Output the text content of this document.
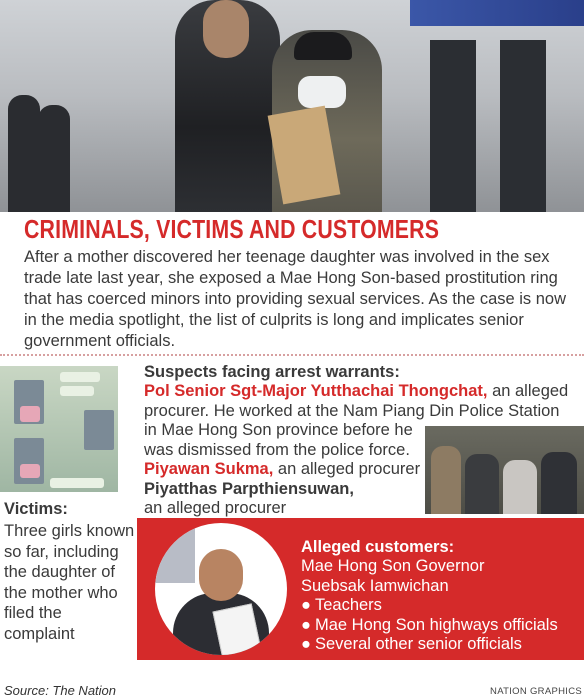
CRIMINALS, VICTIMS AND CUSTOMERS

After a mother discovered her teenage daughter was involved in the sex trade late last year, she exposed a Mae Hong Son-based prostitution ring that has coerced minors into providing sexual services. As the case is now in the media spotlight, the list of culprits is long and implicates senior government officials.

Victims:

Three girls known so far, including the daughter of the mother who filed the complaint

Suspects facing arrest warrants:

Pol Senior Sgt-Major Yutthachai Thongchat, an alleged procurer. He worked at the Nam Piang Din Police Station

in Mae Hong Son province before he

was dismissed from the police force.

Piyawan Sukma, an alleged procurer

Piyatthas Parpthiensuwan,

an alleged procurer

Alleged customers:

Mae Hong Son Governor

Suebsak Iamwichan

● Teachers
● Mae Hong Son highways officials
● Several other senior officials

Source: The Nation	NATION GRAPHICS
